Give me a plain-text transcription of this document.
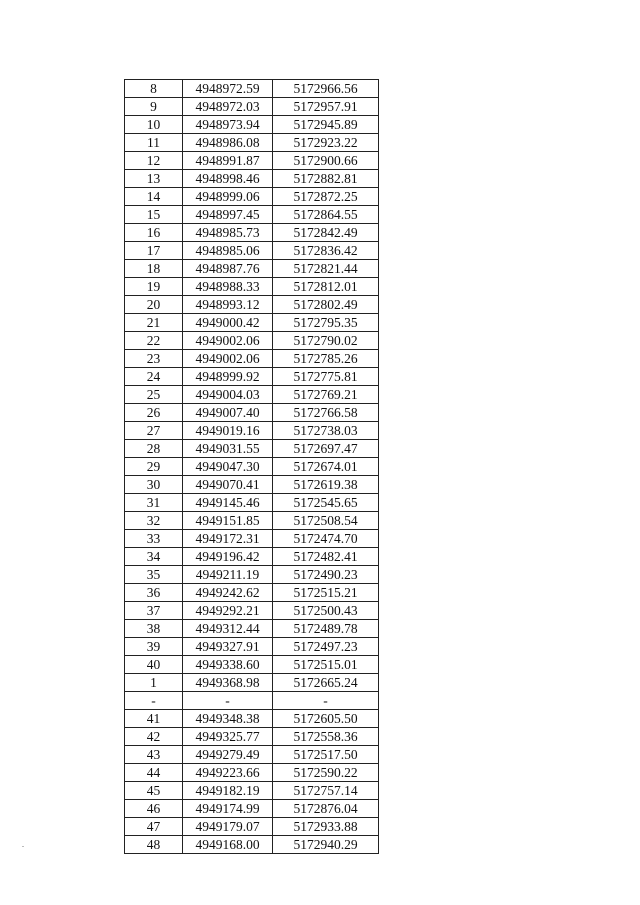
8	4948972.59	5172966.56
9	4948972.03	5172957.91
10	4948973.94	5172945.89
11	4948986.08	5172923.22
12	4948991.87	5172900.66
13	4948998.46	5172882.81
14	4948999.06	5172872.25
15	4948997.45	5172864.55
16	4948985.73	5172842.49
17	4948985.06	5172836.42
18	4948987.76	5172821.44
19	4948988.33	5172812.01
20	4948993.12	5172802.49
21	4949000.42	5172795.35
22	4949002.06	5172790.02
23	4949002.06	5172785.26
24	4948999.92	5172775.81
25	4949004.03	5172769.21
26	4949007.40	5172766.58
27	4949019.16	5172738.03
28	4949031.55	5172697.47
29	4949047.30	5172674.01
30	4949070.41	5172619.38
31	4949145.46	5172545.65
32	4949151.85	5172508.54
33	4949172.31	5172474.70
34	4949196.42	5172482.41
35	4949211.19	5172490.23
36	4949242.62	5172515.21
37	4949292.21	5172500.43
38	4949312.44	5172489.78
39	4949327.91	5172497.23
40	4949338.60	5172515.01
1	4949368.98	5172665.24
-	-	-
41	4949348.38	5172605.50
42	4949325.77	5172558.36
43	4949279.49	5172517.50
44	4949223.66	5172590.22
45	4949182.19	5172757.14
46	4949174.99	5172876.04
47	4949179.07	5172933.88
48	4949168.00	5172940.29
